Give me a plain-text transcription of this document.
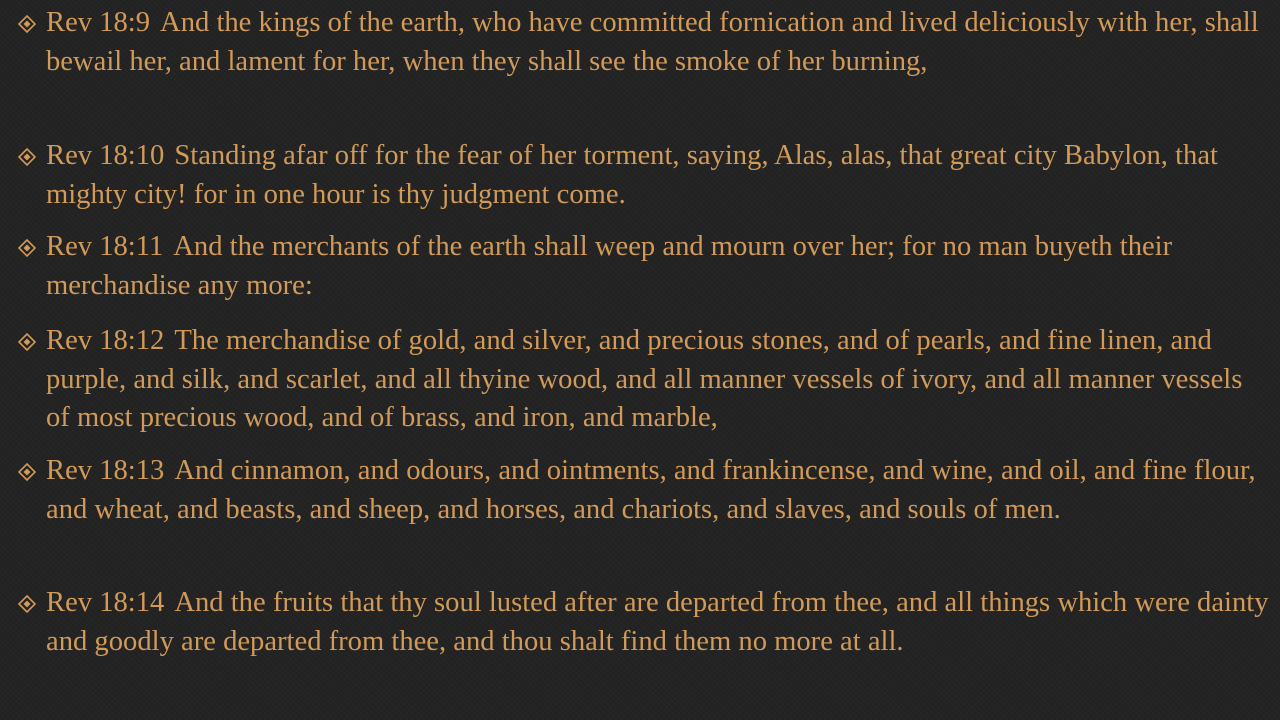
Rev 18:9 And the kings of the earth, who have committed fornication and lived deliciously with her, shall bewail her, and lament for her, when they shall see the smoke of her burning,

Rev 18:10 Standing afar off for the fear of her torment, saying, Alas, alas, that great city Babylon, that mighty city! for in one hour is thy judgment come.

Rev 18:11 And the merchants of the earth shall weep and mourn over her; for no man buyeth their merchandise any more:

Rev 18:12 The merchandise of gold, and silver, and precious stones, and of pearls, and fine linen, and purple, and silk, and scarlet, and all thyine wood, and all manner vessels of ivory, and all manner vessels of most precious wood, and of brass, and iron, and marble,

Rev 18:13 And cinnamon, and odours, and ointments, and frankincense, and wine, and oil, and fine flour, and wheat, and beasts, and sheep, and horses, and chariots, and slaves, and souls of men.

Rev 18:14 And the fruits that thy soul lusted after are departed from thee, and all things which were dainty and goodly are departed from thee, and thou shalt find them no more at all.
